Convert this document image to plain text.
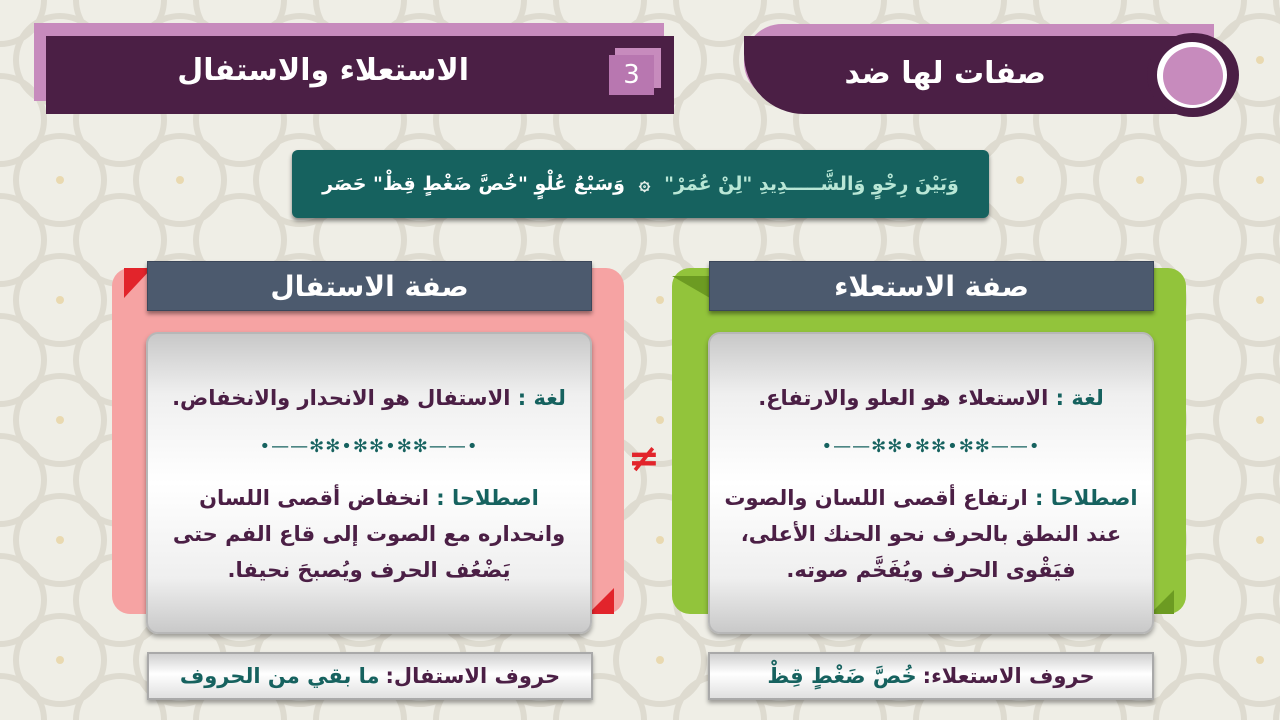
الاستعلاء والاستفال	3	صفات لها ضد
وَبَيْنَ رِخْوٍ وَالشَّـــــدِيدِ "لِنْ عُمَرْ"
۞
وَسَبْعُ عُلْوٍ "خُصَّ ضَغْطٍ قِظْ" حَصَر
صفة الاستفال	صفة الاستعلاء
لغة : الاستفال هو الانحدار والانخفاض.
•——✻✻•✻✻•✻✻——•
اصطلاحا : انخفاض أقصى اللسان وانحداره مع الصوت إلى قاع الفم حتى يَضْعُف الحرف ويُصبحَ نحيفا.
لغة : الاستعلاء هو العلو والارتفاع.
•——✻✻•✻✻•✻✻——•
اصطلاحا : ارتفاع أقصى اللسان والصوت عند النطق بالحرف نحو الحنك الأعلى، فيَقْوى الحرف ويُفَخَّم صوته.
≠
حروف الاستفال:
ما بقي من الحروف	حروف الاستعلاء:
خُصَّ ضَغْطٍ قِظْ
